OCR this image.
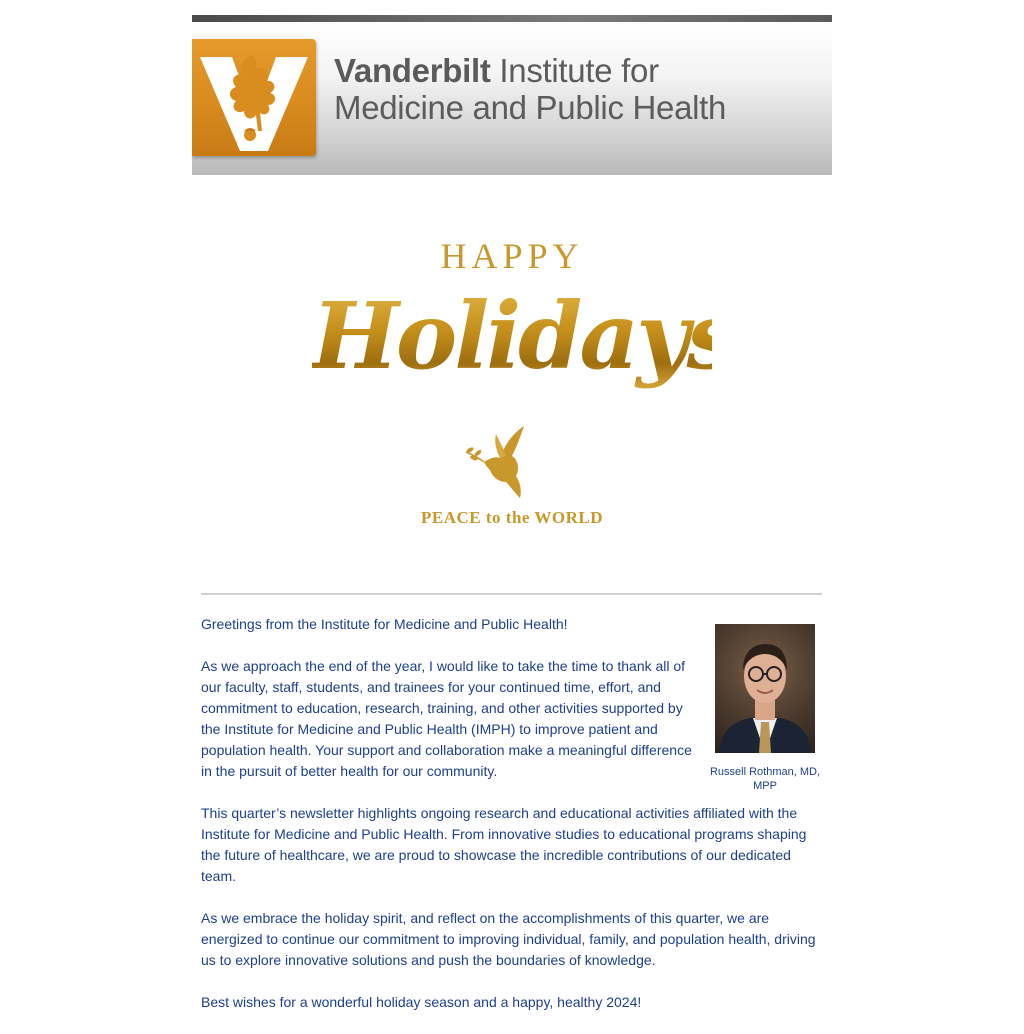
Vanderbilt Institute for
Medicine and Public Health
HAPPY
Holidays
PEACE to the WORLD
Russell Rothman, MD, MPP

Greetings from the Institute for Medicine and Public Health!

As we approach the end of the year, I would like to take the time to thank all of our faculty, staff, students, and trainees for your continued time, effort, and commitment to education, research, training, and other activities supported by the Institute for Medicine and Public Health (IMPH) to improve patient and population health. Your support and collaboration make a meaningful difference in the pursuit of better health for our community.

This quarter’s newsletter highlights ongoing research and educational activities affiliated with the Institute for Medicine and Public Health. From innovative studies to educational programs shaping the future of healthcare, we are proud to showcase the incredible contributions of our dedicated team.

As we embrace the holiday spirit, and reflect on the accomplishments of this quarter, we are energized to continue our commitment to improving individual, family, and population health, driving us to explore innovative solutions and push the boundaries of knowledge.

Best wishes for a wonderful holiday season and a happy, healthy 2024!
